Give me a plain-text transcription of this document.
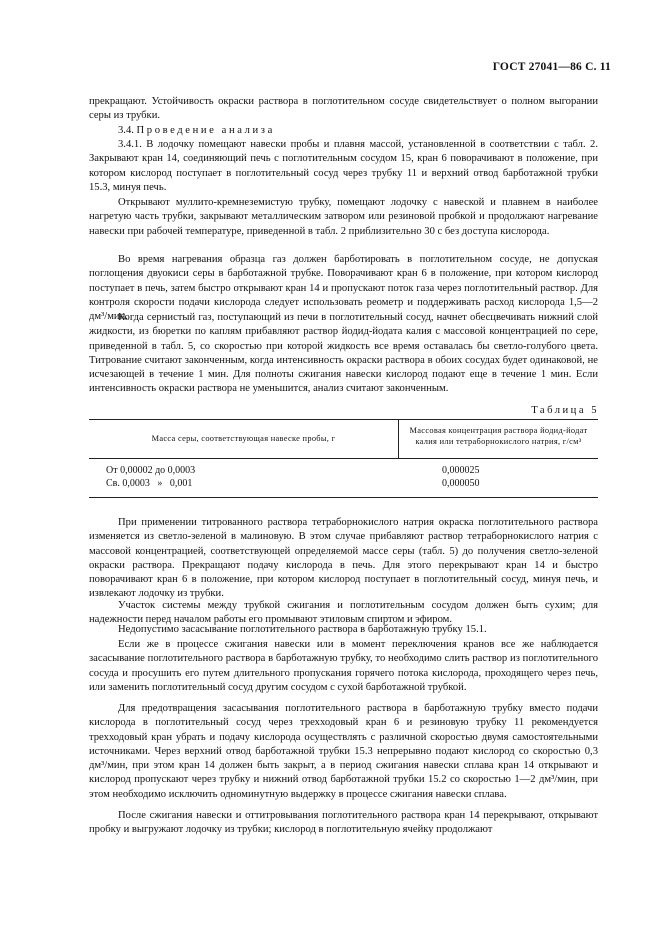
ГОСТ 27041—86 С. 11

прекращают. Устойчивость окраски раствора в поглотительном сосуде свидетельствует о полном выгорании серы из трубки.

3.4. Проведение анализа

3.4.1. В лодочку помещают навески пробы и плавня массой, установленной в соответствии с табл. 2. Закрывают кран 14, соединяющий печь с поглотительным сосудом 15, кран 6 поворачивают в положение, при котором кислород поступает в поглотительный сосуд через трубку 11 и верхний отвод барботажной трубки 15.3, минуя печь.

Открывают муллито-кремнеземистую трубку, помещают лодочку с навеской и плавнем в наиболее нагретую часть трубки, закрывают металлическим затвором или резиновой пробкой и продолжают нагревание навески при рабочей температуре, приведенной в табл. 2 приблизительно 30 с без доступа кислорода.

Во время нагревания образца газ должен барботировать в поглотительном сосуде, не допуская поглощения двуокиси серы в барботажной трубке. Поворачивают кран 6 в положение, при котором кислород поступает в печь, затем быстро открывают кран 14 и пропускают поток газа через поглотительный раствор. Для контроля скорости подачи кислорода следует использовать реометр и поддерживать расход кислорода 1,5—2 дм³/мин.

Когда сернистый газ, поступающий из печи в поглотительный сосуд, начнет обесцвечивать нижний слой жидкости, из бюретки по каплям прибавляют раствор йодид-йодата калия с массовой концентрацией по сере, приведенной в табл. 5, со скоростью при которой жидкость все время оставалась бы светло-голубого цвета. Титрование считают законченным, когда интенсивность окраски раствора в обоих сосудах будет одинаковой, не исчезающей в течение 1 мин. Для полноты сжигания навески кислород подают еще в течение 1 мин. Если интенсивность окраски раствора не уменьшится, анализ считают законченным.

Таблица 5
Масса серы, соответствующая навеске пробы, г
Массовая концентрация раствора йодид-йодат калия или тетраборнокислого натрия, г/см³
От 0,00002 до 0,0003	0,000025
Св. 0,0003   »   0,001	0,000050

При применении титрованного раствора тетраборнокислого натрия окраска поглотительного раствора изменяется из светло-зеленой в малиновую. В этом случае прибавляют раствор тетраборнокислого натрия с массовой концентрацией, соответствующей определяемой массе серы (табл. 5) до получения светло-зеленой окраски раствора. Прекращают подачу кислорода в печь. Для этого перекрывают кран 14 и быстро поворачивают кран 6 в положение, при котором кислород поступает в поглотительный сосуд, минуя печь, и извлекают лодочку из трубки.

Участок системы между трубкой сжигания и поглотительным сосудом должен быть сухим; для надежности перед началом работы его промывают этиловым спиртом и эфиром.

Недопустимо засасывание поглотительного раствора в барботажную трубку 15.1.

Если же в процессе сжигания навески или в момент переключения кранов все же наблюдается засасывание поглотительного раствора в барботажную трубку, то необходимо слить раствор из поглотительного сосуда и просушить его путем длительного пропускания горячего потока кислорода, проходящего через печь, или заменить поглотительный сосуд другим сосудом с сухой барботажной трубкой.

Для предотвращения засасывания поглотительного раствора в барботажную трубку вместо подачи кислорода в поглотительный сосуд через трехходовый кран 6 и резиновую трубку 11 рекомендуется трехходовый кран убрать и подачу кислорода осуществлять с различной скоростью двумя самостоятельными источниками. Через верхний отвод барботажной трубки 15.3 непрерывно подают кислород со скоростью 0,3 дм³/мин, при этом кран 14 должен быть закрыт, а в период сжигания навески сплава кран 14 открывают и кислород пропускают через трубку и нижний отвод барботажной трубки 15.2 со скоростью 1—2 дм³/мин, при этом необходимо исключить одноминутную выдержку в процессе сжигания навески сплава.

После сжигания навески и оттитровывания поглотительного раствора кран 14 перекрывают, открывают пробку и выгружают лодочку из трубки; кислород в поглотительную ячейку продолжают
